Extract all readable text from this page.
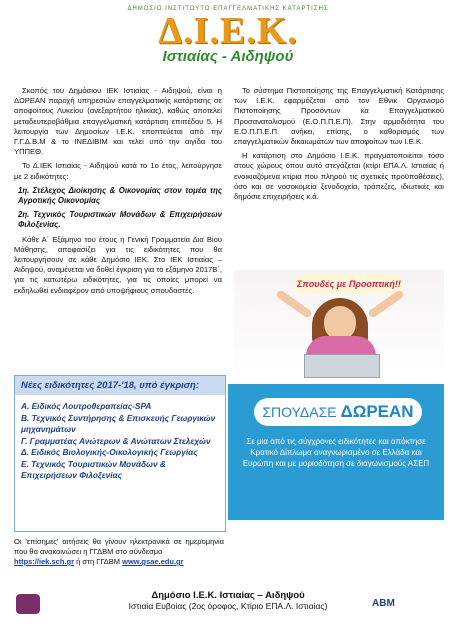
ΔΗΜΟΣΙΟ ΙΝΣΤΙΤΟΥΤΟ ΕΠΑΓΓΕΛΜΑΤΙΚΗΣ ΚΑΤΑΡΤΙΣΗΣ
Δ.Ι.Ε.Κ.
Ιστιαίας - Αιδηψού

Σκοπός του Δημόσιου ΙΕΚ Ιστιαίας - Αιδηψού, είναι η ΔΩΡΕΑΝ παροχή υπηρεσιών επαγγελματικής κατάρτισης σε αποφοίτους Λυκείου (ανεξαρτήτου ηλικίας), καθώς αποτελεί μεταδευτεροβάθμια επαγγελματική κατάρτιση επιπέδου 5. Η λειτουργία των Δημοσίων Ι.Ε.Κ. εποπτεύεται από την Γ.Γ.Δ.Β.Μ & το ΙΝΕΔΙΒΙΜ και τελεί υπό την αιγίδα του ΥΠΠΕΘ.

Το Δ.ΙΕΚ Ιστιαίας - Αιδηψού κατά το 1ο έτος, λειτούργησε με 2 ειδικότητες:

1η. Στέλεχος Διοίκησης & Οικονομίας στον τομέα της Αγροτικής Οικονομίας
2η. Τεχνικός Τουριστικών Μονάδων & Επιχειρήσεων Φιλοξενίας.

Κάθε Α΄ Εξάμηνο του έτους η Γενική Γραμματεία Δια Βίου Μάθησης, αποφασίζει για τις ειδικότητες που θα λειτουργήσουν σε κάθε Δημόσιο ΙΕΚ. Στο ΙΕΚ Ιστιαίας – Αιδηψού, αναμένεται να δοθεί έγκριση για το εξάμηνο 2017Β΄, για τις κατωτέρω ειδικότητες, για τις οποίες μπορεί να εκδηλωθεί ενδιαφέρον από υποψήφιους σπουδαστές.

Νέες ειδικότητες 2017-'18, υπό έγκριση:
Α. Ειδικός Λουτροθεραπείας-SPA
Β. Τεχνικός Συντήρησης & Επισκευής Γεωργικών μηχανημάτων
Γ. Γραμματέας Ανώτερων & Ανώτατων Στελεχών
Δ. Ειδικός Βιολογικής-Οικολογικής Γεωργίας
Ε. Τεχνικός Τουριστικών Μονάδων & Επιχειρήσεων Φιλοξενίας

Το σύστημα Πιστοποίησης της Επαγγελματική Κατάρτισης των Ι.Ε.Κ. εφαρμόζεται από τον Εθνικ Οργανισμό Πιστοποίησης Προσόντων κα Επαγγελματικού Προσανατολισμού (Ε.Ο.Π.Π.Ε.Π). Στην αρμοδιότητα του Ε.Ο.Π.Π.Ε.Π. ανήκει, επίσης, ο καθορισμός των επαγγελματικών δικαιωμάτων των αποφοίτων των Ι.Ε.Κ.

Η κατάρτιση στο Δημόσιο Ι.Ε.Κ. πραγματοποιείται τόσο στους χώρους όπου αυτό στεγάζεται (κτίρι ΕΠΑ.Λ. Ιστιαίας ή ενοικιαζόμενα κτίρια που πληρού τις σχετικές προϋποθέσεις), όσο και σε νοσοκομεία ξενοδοχεία, τράπεζες, ιδιωτικές και δημόσιε επιχειρήσεις κ.ά.

Σπουδές με Προοπτική!!
ΣΠΟΥΔΑΣΕ ΔΩΡΕΑΝ
Σε μια από τις σύγχρονες ειδικότητες και απόκτησε Κρατικό Δίπλωμα αναγνωρισμένο σε Ελλάδα και Ευρώπη και με μοριοδότηση σε διαγωνισμούς ΑΣΕΠ
Οι 'επίσημες' αιτήσεις θα γίνουν ηλεκτρονικά σε ημερομηνία που θα ανακοινώσει η ΓΓΔΒΜ στο σύνδεσμο
https://iek.sch.gr ή στη ΓΓΔΒΜ www.gsae.edu.gr
ΑΒΜ
Δημόσιο Ι.Ε.Κ. Ιστιαίας – Αιδηψού
Ιστιαία Ευβοίας (2ος όροφος, Κτίριο ΕΠΑ.Λ. Ιστιαίας)
